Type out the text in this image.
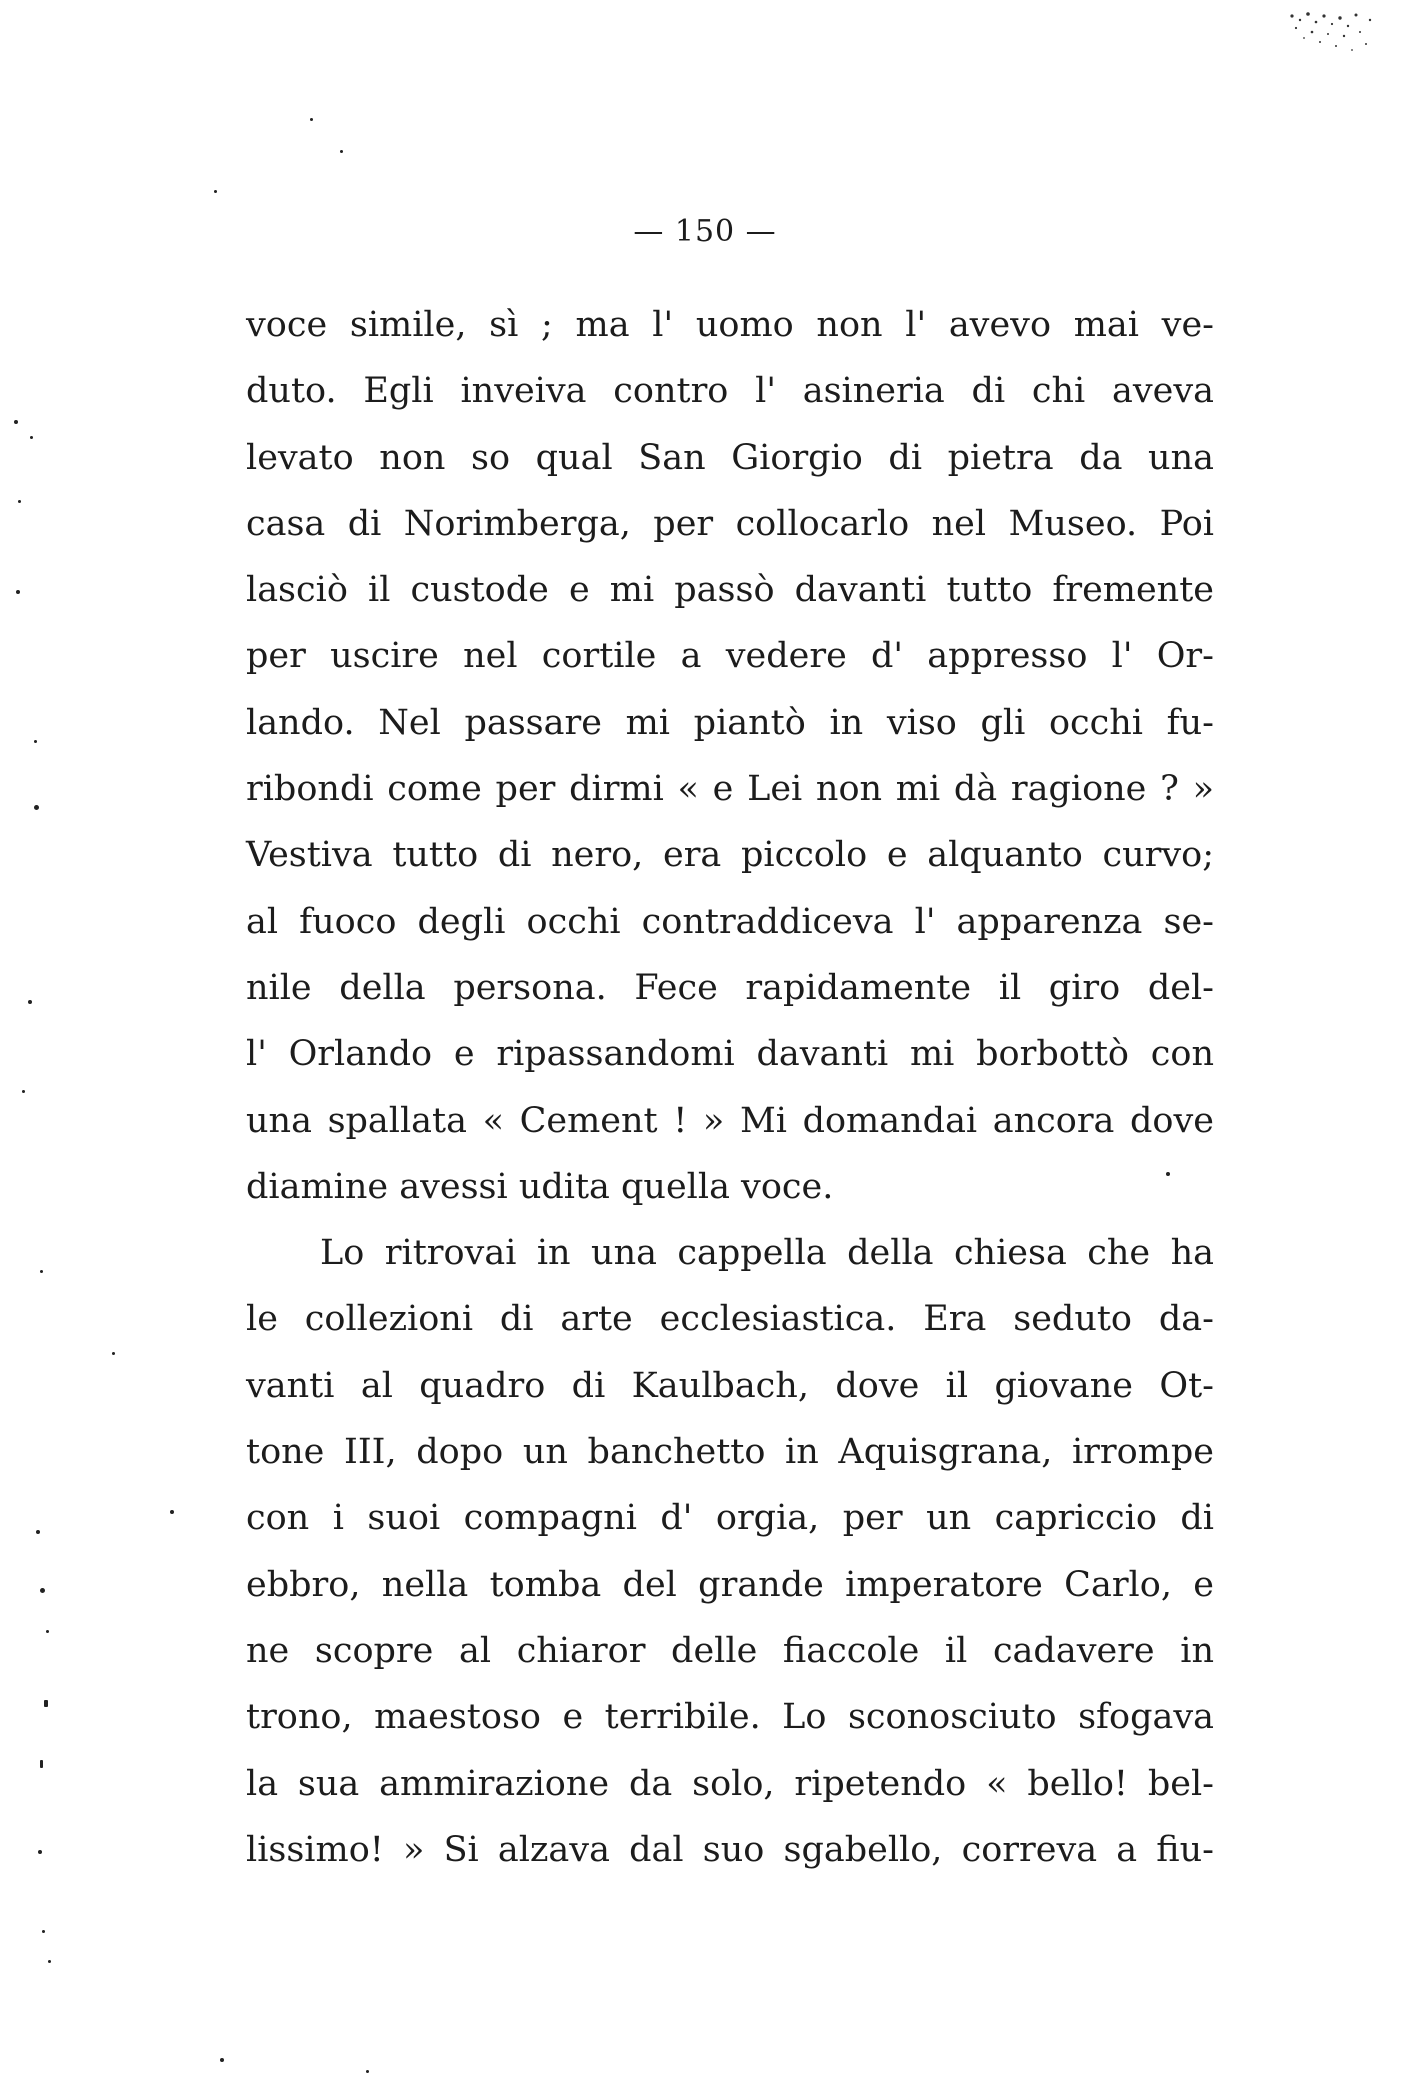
— 150 —
voce simile, sì ; ma l' uomo non l' avevo mai ve-
duto. Egli inveiva contro l' asineria di chi aveva
levato non so qual San Giorgio di pietra da una
casa di Norimberga, per collocarlo nel Museo. Poi
lasciò il custode e mi passò davanti tutto fremente
per uscire nel cortile a vedere d' appresso l' Or-
lando. Nel passare mi piantò in viso gli occhi fu-
ribondi come per dirmi « e Lei non mi dà ragione ? »
Vestiva tutto di nero, era piccolo e alquanto curvo;
al fuoco degli occhi contraddiceva l' apparenza se-
nile della persona. Fece rapidamente il giro del-
l' Orlando e ripassandomi davanti mi borbottò con
una spallata « Cement ! » Mi domandai ancora dove
diamine avessi udita quella voce.
Lo ritrovai in una cappella della chiesa che ha
le collezioni di arte ecclesiastica. Era seduto da-
vanti al quadro di Kaulbach, dove il giovane Ot-
tone III, dopo un banchetto in Aquisgrana, irrompe
con i suoi compagni d' orgia, per un capriccio di
ebbro, nella tomba del grande imperatore Carlo, e
ne scopre al chiaror delle fiaccole il cadavere in
trono, maestoso e terribile. Lo sconosciuto sfogava
la sua ammirazione da solo, ripetendo « bello! bel-
lissimo! » Si alzava dal suo sgabello, correva a fiu-
